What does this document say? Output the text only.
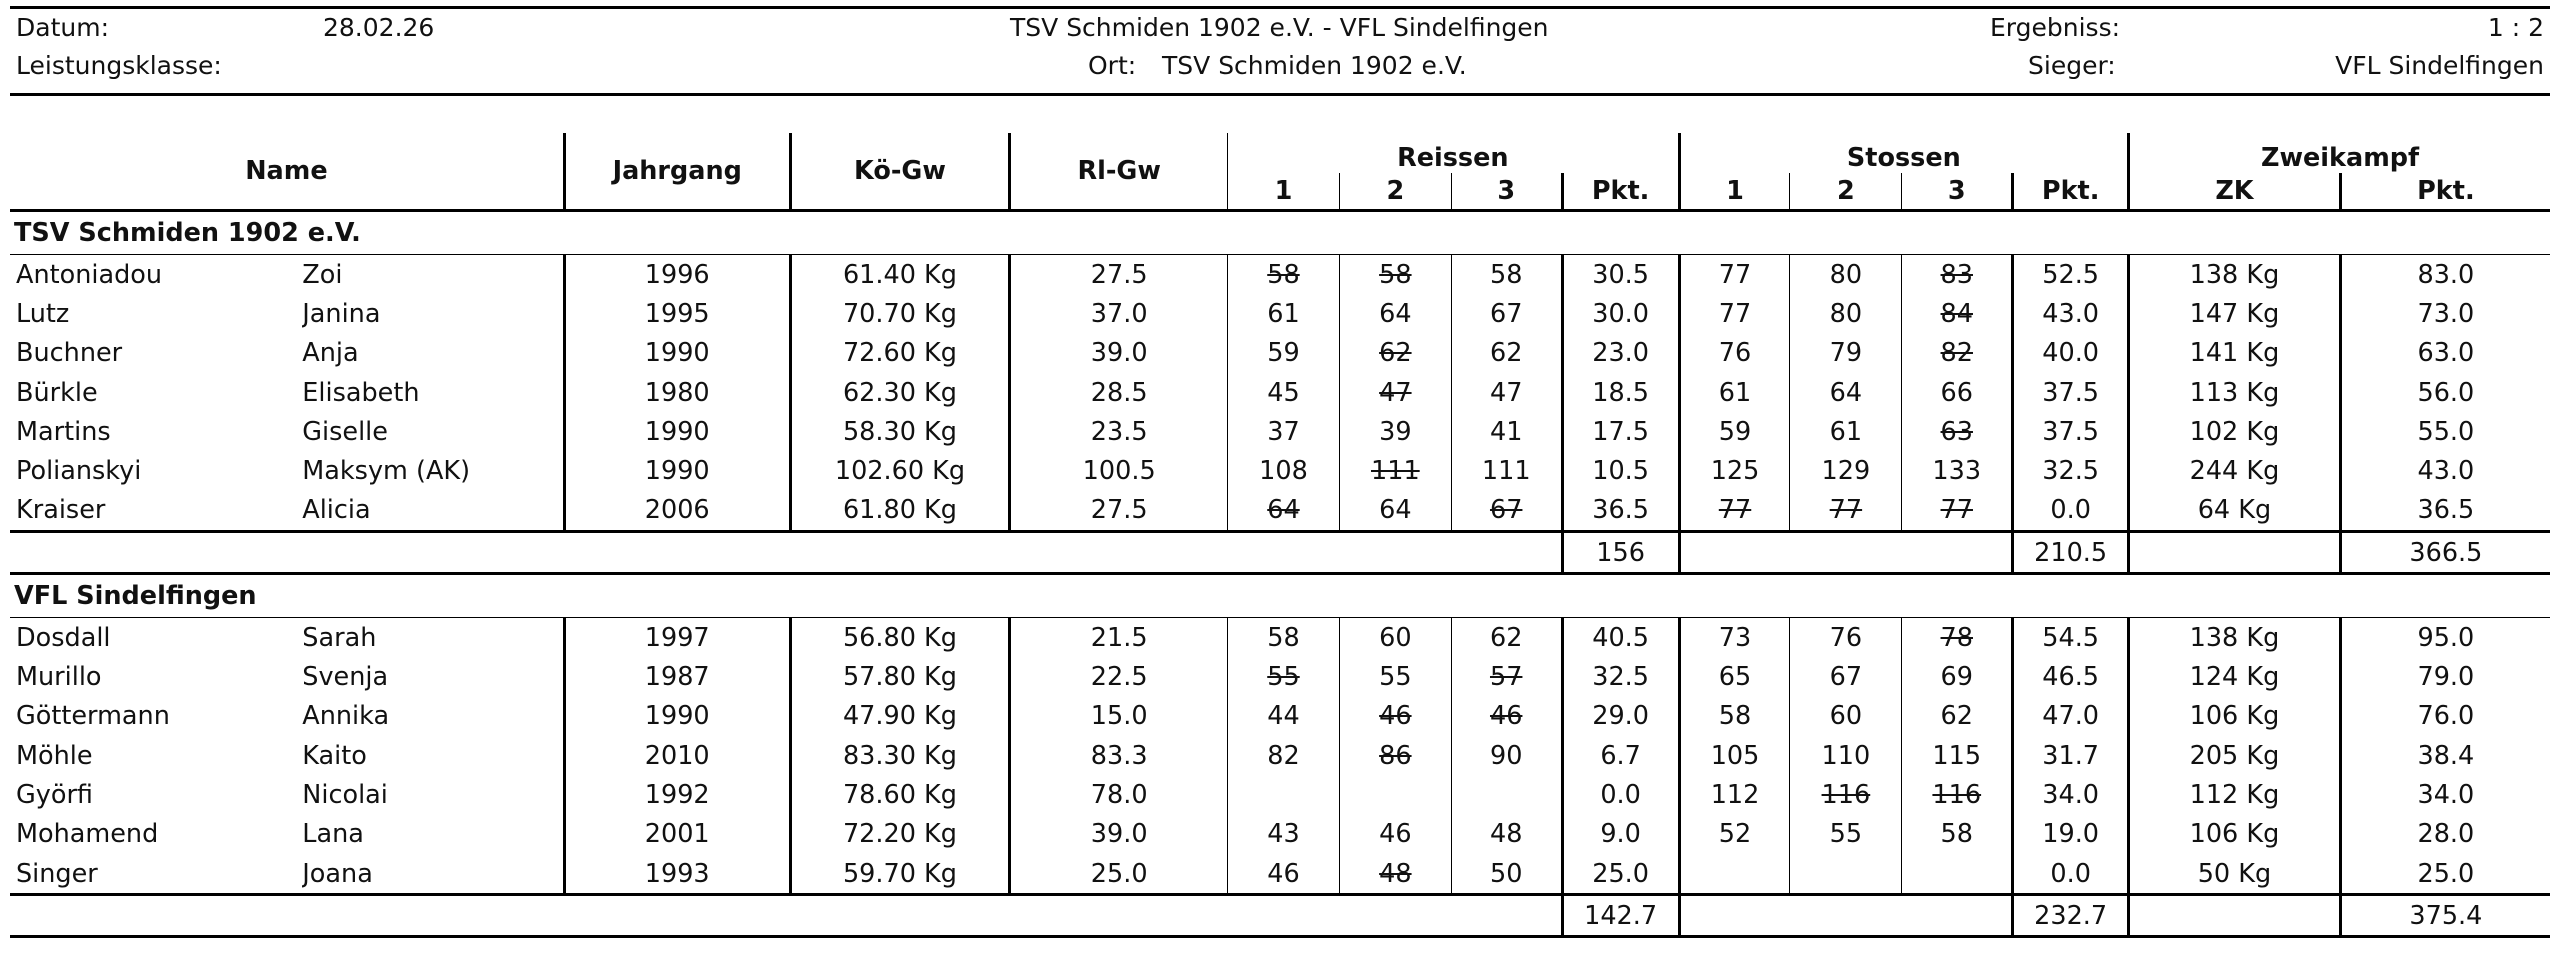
Datum:	28.02.26	TSV Schmiden 1902 e.V. - VFL Sindelfingen	Ergebniss:	1 : 2
Leistungsklasse:	Ort: TSV Schmiden 1902 e.V.	Sieger:	VFL Sindelfingen
Name		Jahrgang	Kö-Gw	Rl-Gw	Reissen				Stossen				Zweikampf	
					1	2	3	Pkt.	1	2	3	Pkt.	ZK	Pkt.
TSV Schmiden 1902 e.V.														
Antoniadou	Zoi	1996	61.40 Kg	27.5	58	58	58	30.5	77	80	83	52.5	138 Kg	83.0
Lutz	Janina	1995	70.70 Kg	37.0	61	64	67	30.0	77	80	84	43.0	147 Kg	73.0
Buchner	Anja	1990	72.60 Kg	39.0	59	62	62	23.0	76	79	82	40.0	141 Kg	63.0
Bürkle	Elisabeth	1980	62.30 Kg	28.5	45	47	47	18.5	61	64	66	37.5	113 Kg	56.0
Martins	Giselle	1990	58.30 Kg	23.5	37	39	41	17.5	59	61	63	37.5	102 Kg	55.0
Polianskyi	Maksym (AK)	1990	102.60 Kg	100.5	108	111	111	10.5	125	129	133	32.5	244 Kg	43.0
Kraiser	Alicia	2006	61.80 Kg	27.5	64	64	67	36.5	77	77	77	0.0	64 Kg	36.5
								156				210.5		366.5
VFL Sindelfingen														
Dosdall	Sarah	1997	56.80 Kg	21.5	58	60	62	40.5	73	76	78	54.5	138 Kg	95.0
Murillo	Svenja	1987	57.80 Kg	22.5	55	55	57	32.5	65	67	69	46.5	124 Kg	79.0
Göttermann	Annika	1990	47.90 Kg	15.0	44	46	46	29.0	58	60	62	47.0	106 Kg	76.0
Möhle	Kaito	2010	83.30 Kg	83.3	82	86	90	6.7	105	110	115	31.7	205 Kg	38.4
Györfi	Nicolai	1992	78.60 Kg	78.0				0.0	112	116	116	34.0	112 Kg	34.0
Mohamend	Lana	2001	72.20 Kg	39.0	43	46	48	9.0	52	55	58	19.0	106 Kg	28.0
Singer	Joana	1993	59.70 Kg	25.0	46	48	50	25.0				0.0	50 Kg	25.0
								142.7				232.7		375.4
